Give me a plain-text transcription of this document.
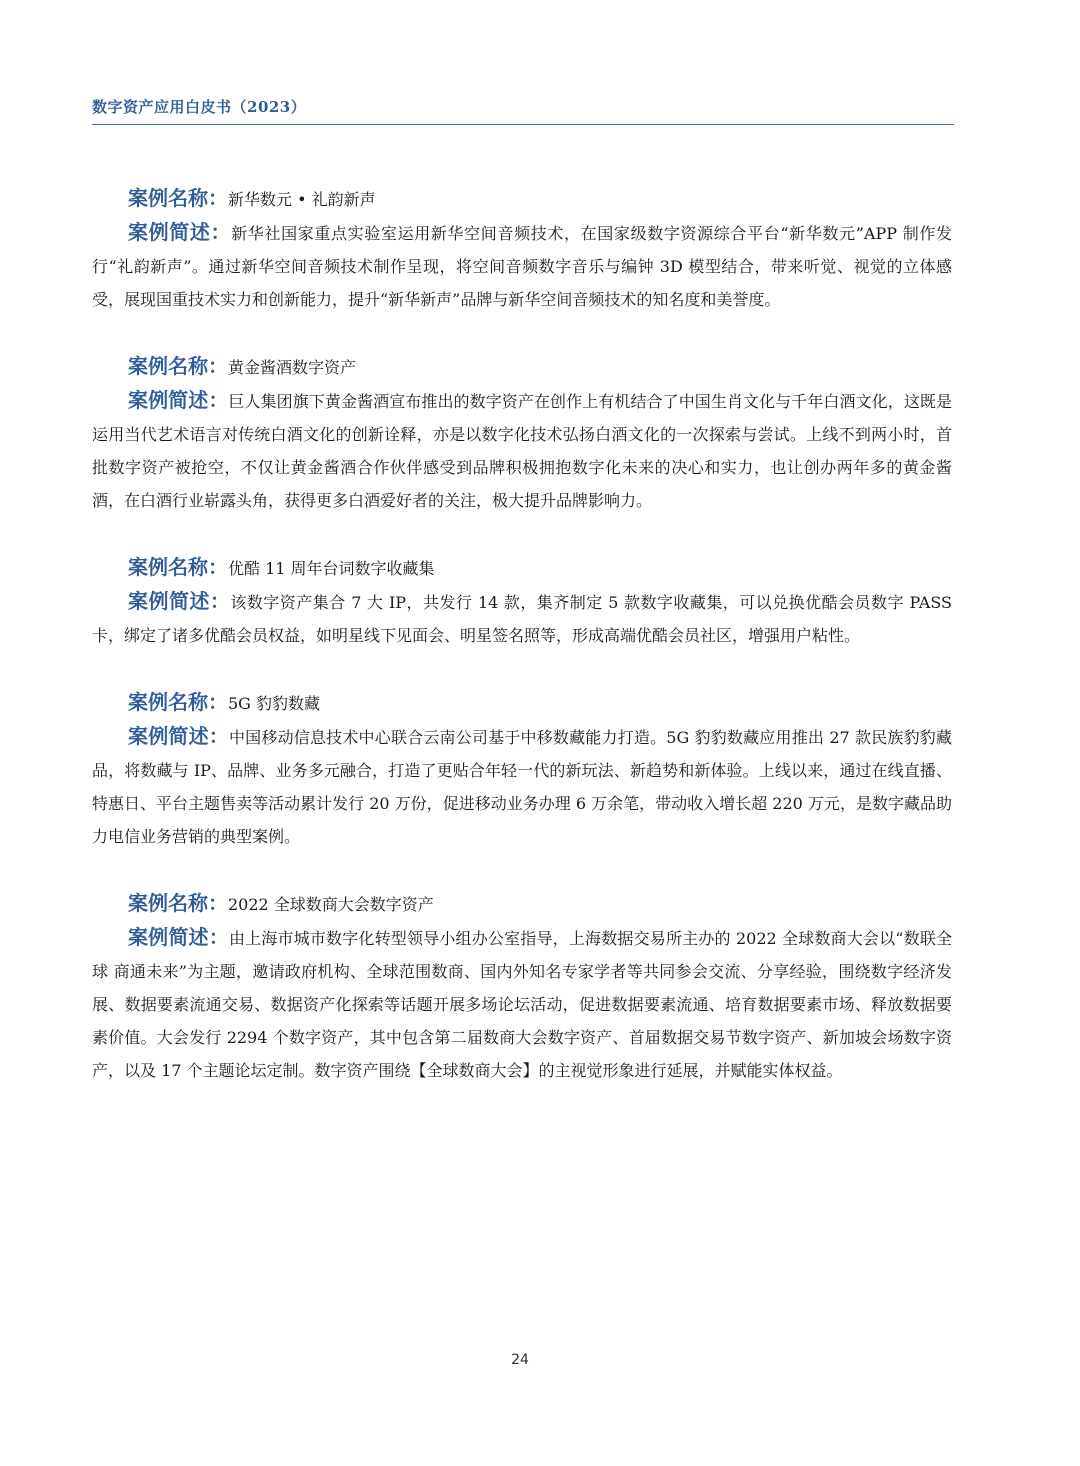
数字资产应用白皮书（2023）

案例名称：新华数元 • 礼韵新声

案例简述：新华社国家重点实验室运用新华空间音频技术，在国家级数字资源综合平台“新华数元”APP 制作发行“礼韵新声”。通过新华空间音频技术制作呈现，将空间音频数字音乐与编钟 3D 模型结合，带来听觉、视觉的立体感受，展现国重技术实力和创新能力，提升“新华新声”品牌与新华空间音频技术的知名度和美誉度。

案例名称：黄金酱酒数字资产

案例简述：巨人集团旗下黄金酱酒宣布推出的数字资产在创作上有机结合了中国生肖文化与千年白酒文化，这既是运用当代艺术语言对传统白酒文化的创新诠释，亦是以数字化技术弘扬白酒文化的一次探索与尝试。上线不到两小时，首批数字资产被抢空，不仅让黄金酱酒合作伙伴感受到品牌积极拥抱数字化未来的决心和实力，也让创办两年多的黄金酱酒，在白酒行业崭露头角，获得更多白酒爱好者的关注，极大提升品牌影响力。

案例名称：优酷 11 周年台词数字收藏集

案例简述：该数字资产集合 7 大 IP，共发行 14 款，集齐制定 5 款数字收藏集，可以兑换优酷会员数字 PASS 卡，绑定了诸多优酷会员权益，如明星线下见面会、明星签名照等，形成高端优酷会员社区，增强用户粘性。

案例名称：5G 豹豹数藏

案例简述：中国移动信息技术中心联合云南公司基于中移数藏能力打造。5G 豹豹数藏应用推出 27 款民族豹豹藏品，将数藏与 IP、品牌、业务多元融合，打造了更贴合年轻一代的新玩法、新趋势和新体验。上线以来，通过在线直播、特惠日、平台主题售卖等活动累计发行 20 万份，促进移动业务办理 6 万余笔，带动收入增长超 220 万元，是数字藏品助力电信业务营销的典型案例。

案例名称：2022 全球数商大会数字资产

案例简述：由上海市城市数字化转型领导小组办公室指导，上海数据交易所主办的 2022 全球数商大会以“数联全球 商通未来”为主题，邀请政府机构、全球范围数商、国内外知名专家学者等共同参会交流、分享经验，围绕数字经济发展、数据要素流通交易、数据资产化探索等话题开展多场论坛活动，促进数据要素流通、培育数据要素市场、释放数据要素价值。大会发行 2294 个数字资产，其中包含第二届数商大会数字资产、首届数据交易节数字资产、新加坡会场数字资产，以及 17 个主题论坛定制。数字资产围绕【全球数商大会】的主视觉形象进行延展，并赋能实体权益。

24
